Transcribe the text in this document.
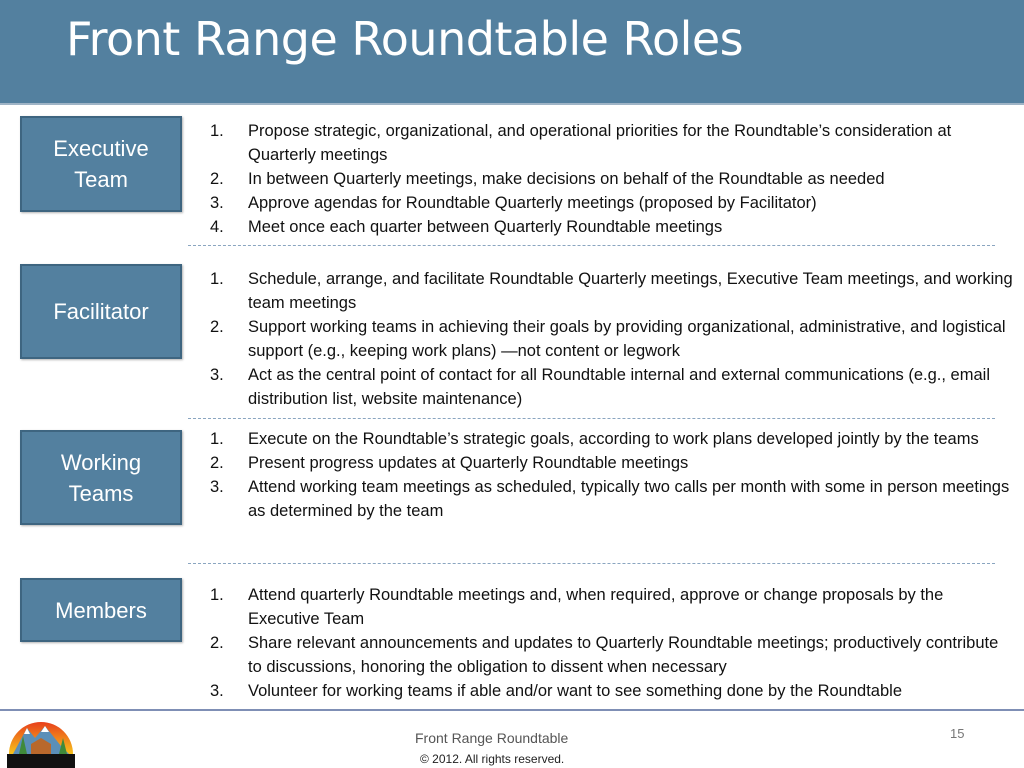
Front Range Roundtable Roles
Executive
Team
1. Propose strategic, organizational, and operational priorities for the Roundtable’s consideration at Quarterly meetings
2. In between Quarterly meetings, make decisions on behalf of the Roundtable as needed
3. Approve agendas for Roundtable Quarterly meetings (proposed by Facilitator)
4. Meet once each quarter between Quarterly Roundtable meetings
Facilitator
1. Schedule, arrange, and facilitate Roundtable Quarterly meetings, Executive Team meetings, and working team meetings
2. Support working teams in achieving their goals by providing organizational, administrative, and logistical support (e.g., keeping work plans) —not content or legwork
3. Act as the central point of contact for all Roundtable internal and external communications (e.g., email distribution list, website maintenance)
Working
Teams
1. Execute on the Roundtable’s strategic goals, according to work plans developed jointly by the teams
2. Present progress updates at Quarterly Roundtable meetings
3. Attend working team meetings as scheduled, typically two calls per month with some in person meetings as determined by the team
Members
1. Attend quarterly Roundtable meetings and, when required, approve or change proposals by the Executive Team
2. Share relevant announcements and updates to Quarterly Roundtable meetings; productively contribute to discussions, honoring the obligation to dissent when necessary
3. Volunteer for working teams if able and/or want to see something done by the Roundtable
Front Range Roundtable
© 2012. All rights reserved.
15
